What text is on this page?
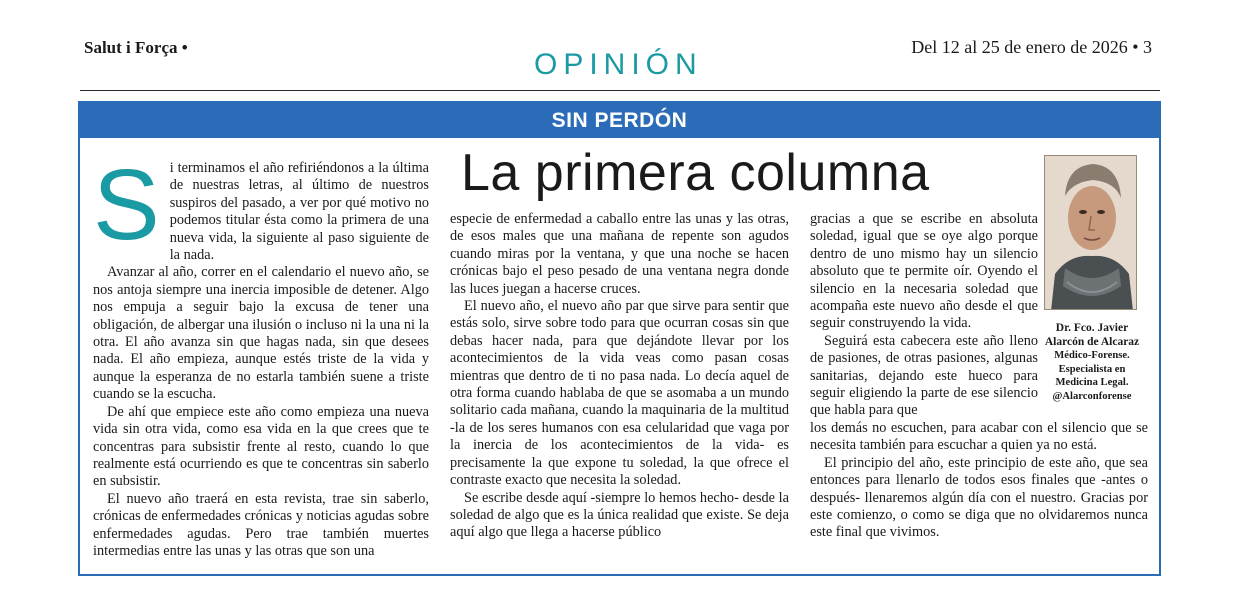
Salut i Força •
OPINIÓN
Del 12 al 25 de enero de 2026 • 3
SIN PERDÓN
La primera columna

Si terminamos el año refiriéndonos a la última de nuestras letras, al último de nuestros suspiros del pasado, a ver por qué motivo no podemos titular ésta como la primera de una nueva vida, la siguiente al paso siguiente de la nada.

Avanzar al año, correr en el calendario el nuevo año, se nos antoja siempre una inercia imposible de detener. Algo nos empuja a seguir bajo la excusa de tener una obligación, de albergar una ilusión o incluso ni la una ni la otra. El año avanza sin que hagas nada, sin que desees nada. El año empieza, aunque estés triste de la vida y aunque la esperanza de no estarla también suene a triste cuando se la escucha.

De ahí que empiece este año como empieza una nueva vida sin otra vida, como esa vida en la que crees que te concentras para subsistir frente al resto, cuando lo que realmente está ocurriendo es que te concentras sin saberlo en subsistir.

El nuevo año traerá en esta revista, trae sin saberlo, crónicas de enfermedades crónicas y noticias agudas sobre enfermedades agudas. Pero trae también muertes intermedias entre las unas y las otras que son una

especie de enfermedad a caballo entre las unas y las otras, de esos males que una mañana de repente son agudos cuando miras por la ventana, y que una noche se hacen crónicas bajo el peso pesado de una ventana negra donde las luces juegan a hacerse cruces.

El nuevo año, el nuevo año par que sirve para sentir que estás solo, sirve sobre todo para que ocurran cosas sin que debas hacer nada, para que dejándote llevar por los acontecimientos de la vida veas como pasan cosas mientras que dentro de ti no pasa nada. Lo decía aquel de otra forma cuando hablaba de que se asomaba a un mundo solitario cada mañana, cuando la maquinaria de la multitud -la de los seres humanos con esa celularidad que vaga por la inercia de los acontecimientos de la vida- es precisamente la que expone tu soledad, la que ofrece el contraste exacto que necesita la soledad.

Se escribe desde aquí -siempre lo hemos hecho- desde la soledad de algo que es la única realidad que existe. Se deja aquí algo que llega a hacerse público

gracias a que se escribe en absoluta soledad, igual que se oye algo porque dentro de uno mismo hay un silencio absoluto que te permite oír. Oyendo el silencio en la necesaria soledad que acompaña este nuevo año desde el que seguir construyendo la vida.

Seguirá esta cabecera este año lleno de pasiones, de otras pasiones, algunas sanitarias, dejando este hueco para seguir eligiendo la parte de ese silencio que habla para que

los demás no escuchen, para acabar con el silencio que se necesita también para escuchar a quien ya no está.

El principio del año, este principio de este año, que sea entonces para llenarlo de todos esos finales que -antes o después- llenaremos algún día con el nuestro. Gracias por este comienzo, o como se diga que no olvidaremos nunca este final que vivimos.

Dr. Fco. Javier Alarcón de Alcaraz
Médico-Forense.
Especialista en Medicina Legal.
@Alarconforense
